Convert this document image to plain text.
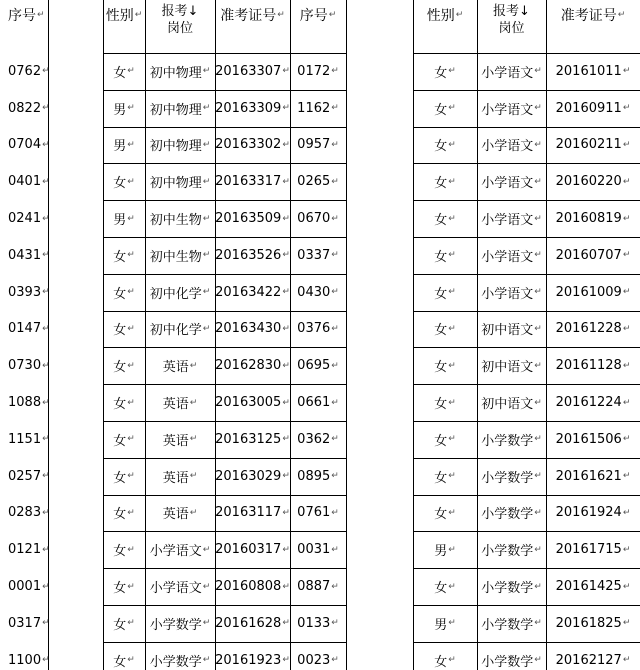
序号 ↵	性别 ↵ 报考↓
岗位
准考证号 ↵ 序号 ↵	性别 ↵ 报考↓
岗位
准考证号 ↵
0762 ↵	女 ↵ 初中物理 ↵ 20163307 ↵ 0172 ↵	女 ↵ 小学语文 ↵ 20161011 ↵
0822 ↵	男 ↵ 初中物理 ↵ 20163309 ↵ 1162 ↵	女 ↵ 小学语文 ↵ 20160911 ↵
0704 ↵	男 ↵ 初中物理 ↵ 20163302 ↵ 0957 ↵	女 ↵ 小学语文 ↵ 20160211 ↵
0401 ↵	女 ↵ 初中物理 ↵ 20163317 ↵ 0265 ↵	女 ↵ 小学语文 ↵ 20160220 ↵
0241 ↵	男 ↵ 初中生物 ↵ 20163509 ↵ 0670 ↵	女 ↵ 小学语文 ↵ 20160819 ↵
0431 ↵	女 ↵ 初中生物 ↵ 20163526 ↵ 0337 ↵	女 ↵ 小学语文 ↵ 20160707 ↵
0393 ↵	女 ↵ 初中化学 ↵ 20163422 ↵ 0430 ↵	女 ↵ 小学语文 ↵ 20161009 ↵
0147 ↵	女 ↵ 初中化学 ↵ 20163430 ↵ 0376 ↵	女 ↵ 初中语文 ↵ 20161228 ↵
0730 ↵	女 ↵ 英语 ↵ 20162830 ↵ 0695 ↵	女 ↵ 初中语文 ↵ 20161128 ↵
1088 ↵	女 ↵ 英语 ↵ 20163005 ↵ 0661 ↵	女 ↵ 初中语文 ↵ 20161224 ↵
1151 ↵	女 ↵ 英语 ↵ 20163125 ↵ 0362 ↵	女 ↵ 小学数学 ↵ 20161506 ↵
0257 ↵	女 ↵ 英语 ↵ 20163029 ↵ 0895 ↵	女 ↵ 小学数学 ↵ 20161621 ↵
0283 ↵	女 ↵ 英语 ↵ 20163117 ↵ 0761 ↵	女 ↵ 小学数学 ↵ 20161924 ↵
0121 ↵	女 ↵ 小学语文 ↵ 20160317 ↵ 0031 ↵	男 ↵ 小学数学 ↵ 20161715 ↵
0001 ↵	女 ↵ 小学语文 ↵ 20160808 ↵ 0887 ↵	女 ↵ 小学数学 ↵ 20161425 ↵
0317 ↵	女 ↵ 小学数学 ↵ 20161628 ↵ 0133 ↵	男 ↵ 小学数学 ↵ 20161825 ↵
1100 ↵	女 ↵ 小学数学 ↵ 20161923 ↵ 0023 ↵	女 ↵ 小学数学 ↵ 20162127 ↵
